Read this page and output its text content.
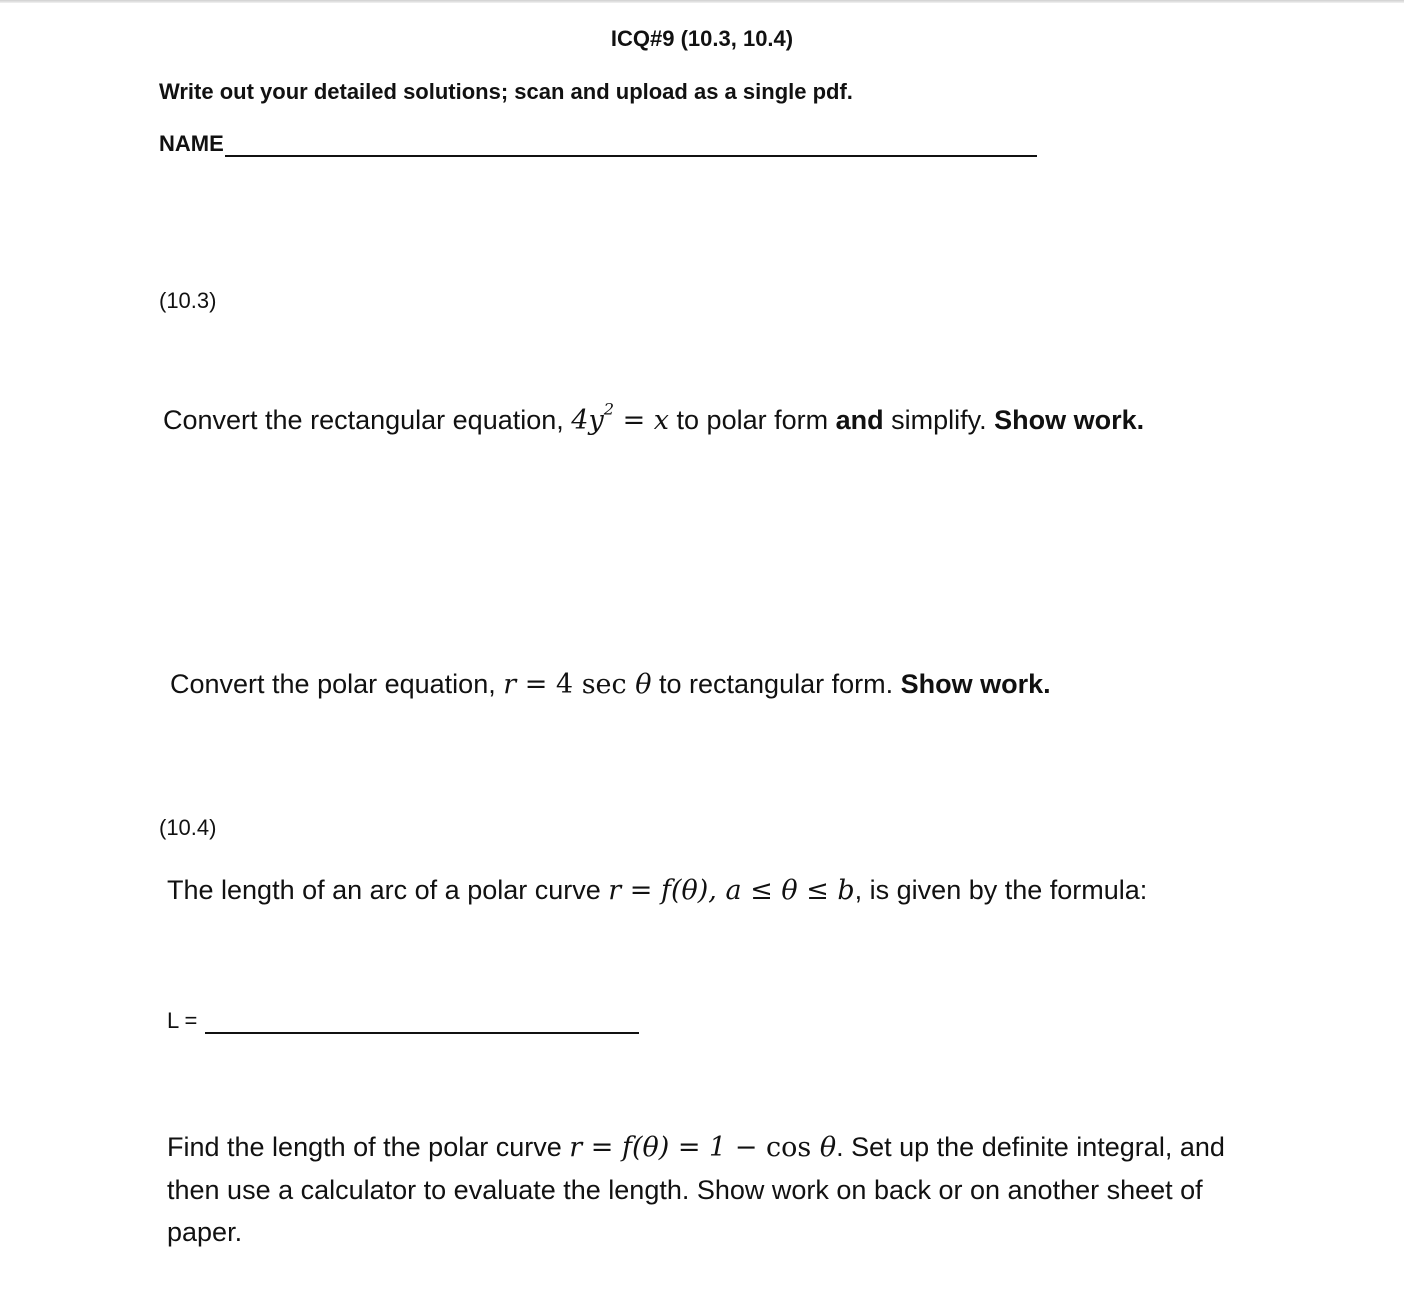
ICQ#9 (10.3, 10.4)
Write out your detailed solutions; scan and upload as a single pdf.
NAME
(10.3)
Convert the rectangular equation, $4y^2 = x$ to polar form and simplify. Show work.
Convert the polar equation, r = 4 sec θ to rectangular form. Show work.
(10.4)
The length of an arc of a polar curve r = f(θ), a ≤ θ ≤ b, is given by the formula:
L =
Find the length of the polar curve r = f(θ) = 1 − cos θ. Set up the definite integral, and then use a calculator to evaluate the length. Show work on back or on another sheet of paper.
